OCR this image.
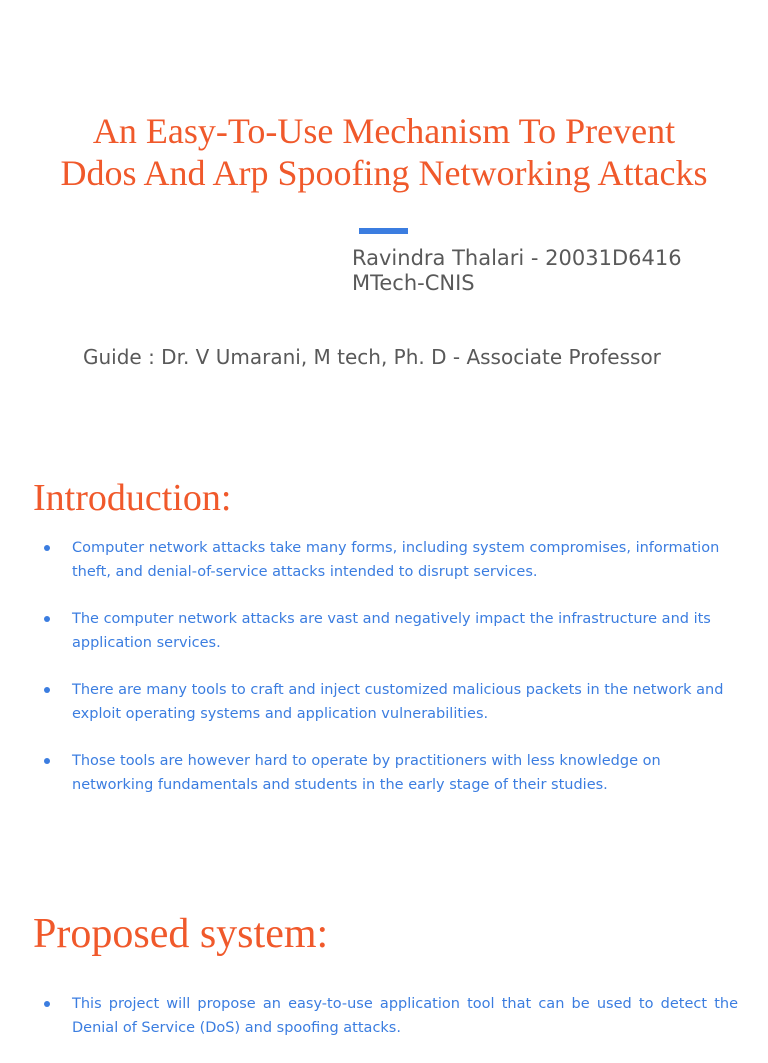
An Easy-To-Use Mechanism To Prevent
Ddos And Arp Spoofing Networking Attacks
Ravindra Thalari - 20031D6416
MTech-CNIS
Guide : Dr. V Umarani, M tech, Ph. D - Associate Professor
Introduction:
Computer network attacks take many forms, including system compromises, information theft, and denial-of-service attacks intended to disrupt services.
The computer network attacks are vast and negatively impact the infrastructure and its application services.
There are many tools to craft and inject customized malicious packets in the network and exploit operating systems and application vulnerabilities.
Those tools are however hard to operate by practitioners with less knowledge on networking fundamentals and students in the early stage of their studies.
Proposed system:
This project will propose an easy-to-use application tool that can be used to detect the Denial of Service (DoS) and spoofing attacks.
